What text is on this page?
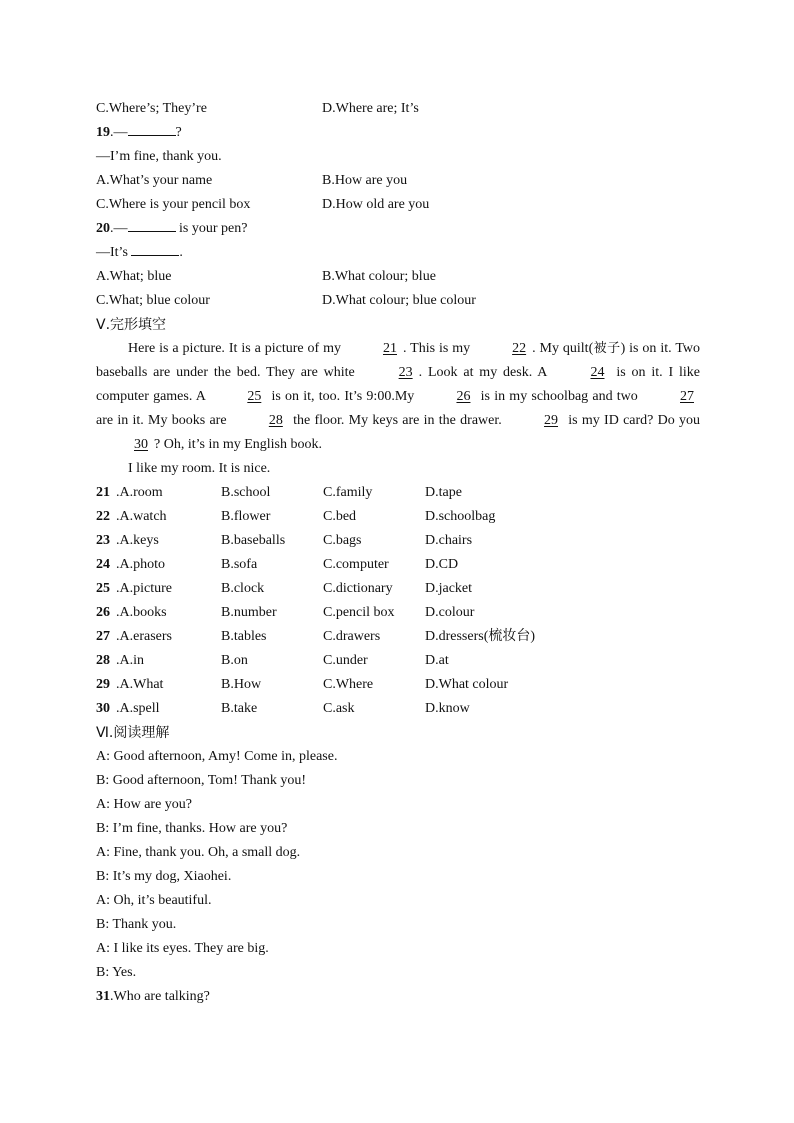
C.Where’s; They’re	D.Where are; It’s
19.—	?
—I’m fine, thank you.
A.What’s your name	B.How are you
C.Where is your pencil box	D.How old are you
20.—	is your pen?
—It’s	.
A.What; blue	B.What colour; blue
C.What; blue colour	D.What colour; blue colour
Ⅴ.完形填空
Here is a picture. It is a picture of my	21 . This is my	22 . My quilt(被子) is on it. Two baseballs are under the bed. They are white	23 . Look at my desk. A	24 is on it. I like computer games. A	25 is on it, too. It’s 9:00.My	26 is in my schoolbag and two	27 are in it. My books are	28 the floor. My keys are in the drawer.	29 is my ID card? Do you 30 ? Oh, it’s in my English book.
I like my room. It is nice.
21 .A.room	B.school	C.family	D.tape
22 .A.watch	B.flower	C.bed	D.schoolbag
23 .A.keys	B.baseballs	C.bags	D.chairs
24 .A.photo	B.sofa	C.computer	D.CD
25 .A.picture	B.clock	C.dictionary D.jacket
26 .A.books	B.number	C.pencil box D.colour
27 .A.erasers	B.tables	C.drawers	D.dressers(梳妆台)
28 .A.in	B.on	C.under	D.at
29 .A.What	B.How	C.Where	D.What colour
30 .A.spell	B.take	C.ask	D.know
Ⅵ.阅读理解
A: Good afternoon, Amy! Come in, please.
B: Good afternoon, Tom! Thank you!
A: How are you?
B: I’m fine, thanks. How are you?
A: Fine, thank you. Oh, a small dog.
B: It’s my dog, Xiaohei.
A: Oh, it’s beautiful.
B: Thank you.
A: I like its eyes. They are big.
B: Yes.
31.Who are talking?
